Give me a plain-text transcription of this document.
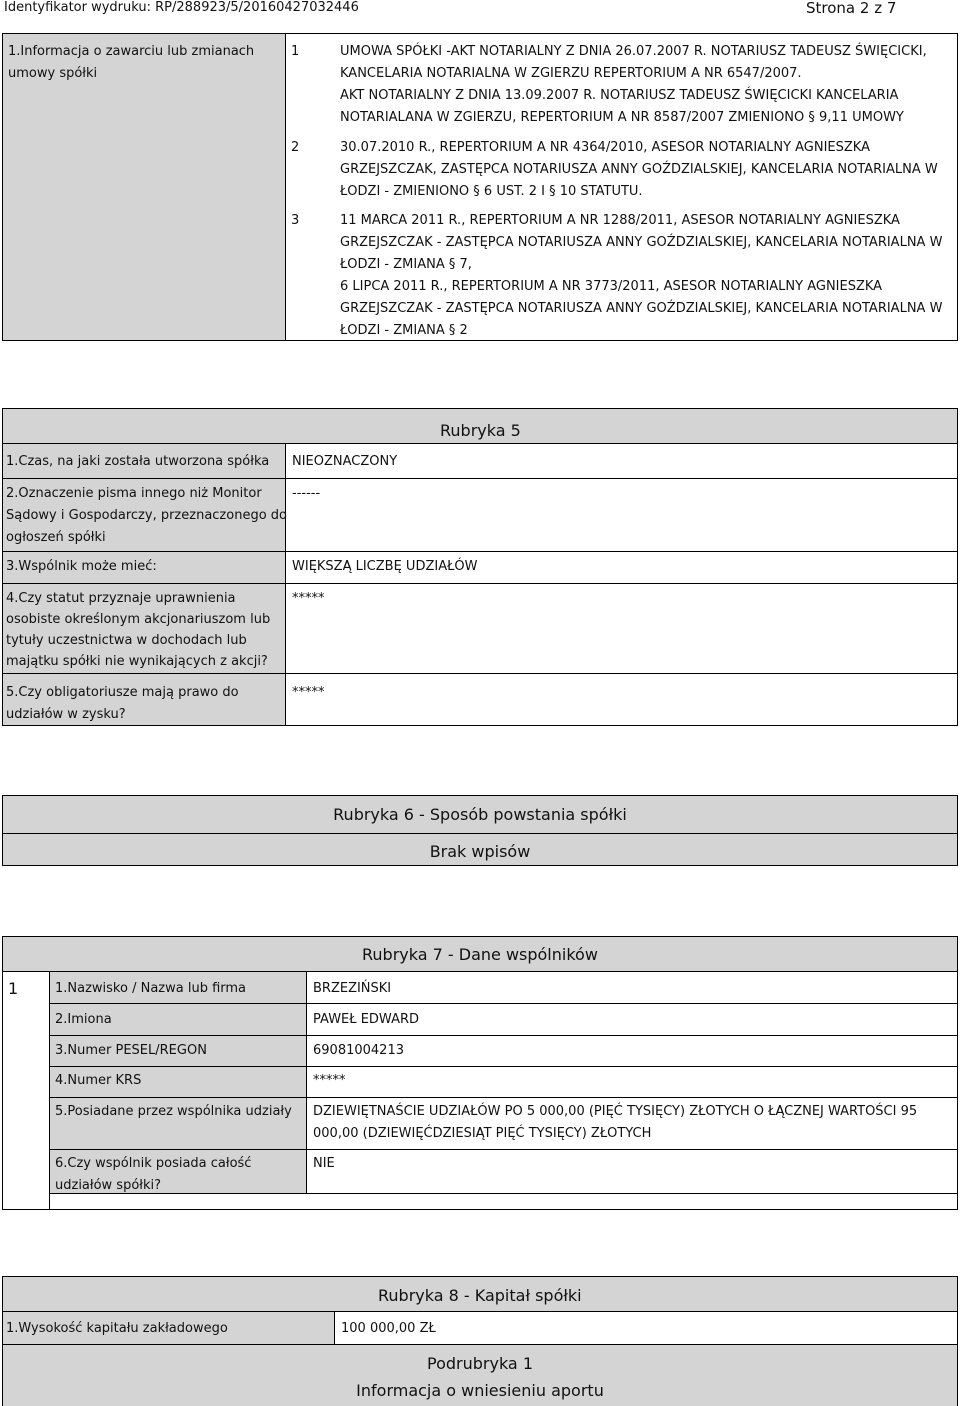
Identyfikator wydruku: RP/288923/5/20160427032446	Strona 2 z 7
1.Informacja o zawarciu lub zmianach
umowy spółki
1	UMOWA SPÓŁKI -AKT NOTARIALNY Z DNIA 26.07.2007 R. NOTARIUSZ TADEUSZ ŚWIĘCICKI,
KANCELARIA NOTARIALNA W ZGIERZU REPERTORIUM A NR 6547/2007.
AKT NOTARIALNY Z DNIA 13.09.2007 R. NOTARIUSZ TADEUSZ ŚWIĘCICKI KANCELARIA
NOTARIALANA W ZGIERZU, REPERTORIUM A NR 8587/2007 ZMIENIONO § 9,11 UMOWY
2	30.07.2010 R., REPERTORIUM A NR 4364/2010, ASESOR NOTARIALNY AGNIESZKA
GRZEJSZCZAK, ZASTĘPCA NOTARIUSZA ANNY GOŹDZIALSKIEJ, KANCELARIA NOTARIALNA W
ŁODZI - ZMIENIONO § 6 UST. 2 I § 10 STATUTU.
3	11 MARCA 2011 R., REPERTORIUM A NR 1288/2011, ASESOR NOTARIALNY AGNIESZKA
GRZEJSZCZAK - ZASTĘPCA NOTARIUSZA ANNY GOŹDZIALSKIEJ, KANCELARIA NOTARIALNA W
ŁODZI - ZMIANA § 7,
6 LIPCA 2011 R., REPERTORIUM A NR 3773/2011, ASESOR NOTARIALNY AGNIESZKA
GRZEJSZCZAK - ZASTĘPCA NOTARIUSZA ANNY GOŹDZIALSKIEJ, KANCELARIA NOTARIALNA W
ŁODZI - ZMIANA § 2
Rubryka 5
1.Czas, na jaki została utworzona spółka NIEOZNACZONY
2.Oznaczenie pisma innego niż Monitor
Sądowy i Gospodarczy, przeznaczonego do
ogłoszeń spółki
------
3.Wspólnik może mieć:	WIĘKSZĄ LICZBĘ UDZIAŁÓW
4.Czy statut przyznaje uprawnienia
osobiste określonym akcjonariuszom lub
tytuły uczestnictwa w dochodach lub
majątku spółki nie wynikających z akcji?
*****
5.Czy obligatoriusze mają prawo do
udziałów w zysku?
*****
Rubryka 6 - Sposób powstania spółki
Brak wpisów
Rubryka 7 - Dane wspólników
1	1.Nazwisko / Nazwa lub firma	BRZEZIŃSKI
2.Imiona	PAWEŁ EDWARD
3.Numer PESEL/REGON	69081004213
4.Numer KRS	*****
5.Posiadane przez wspólnika udziały DZIEWIĘTNAŚCIE UDZIAŁÓW PO 5 000,00 (PIĘĆ TYSIĘCY) ZŁOTYCH O ŁĄCZNEJ WARTOŚCI 95
000,00 (DZIEWIĘĆDZIESIĄT PIĘĆ TYSIĘCY) ZŁOTYCH
6.Czy wspólnik posiada całość
udziałów spółki?
NIE
Rubryka 8 - Kapitał spółki
1.Wysokość kapitału zakładowego	100 000,00 ZŁ
Podrubryka 1
Informacja o wniesieniu aportu
